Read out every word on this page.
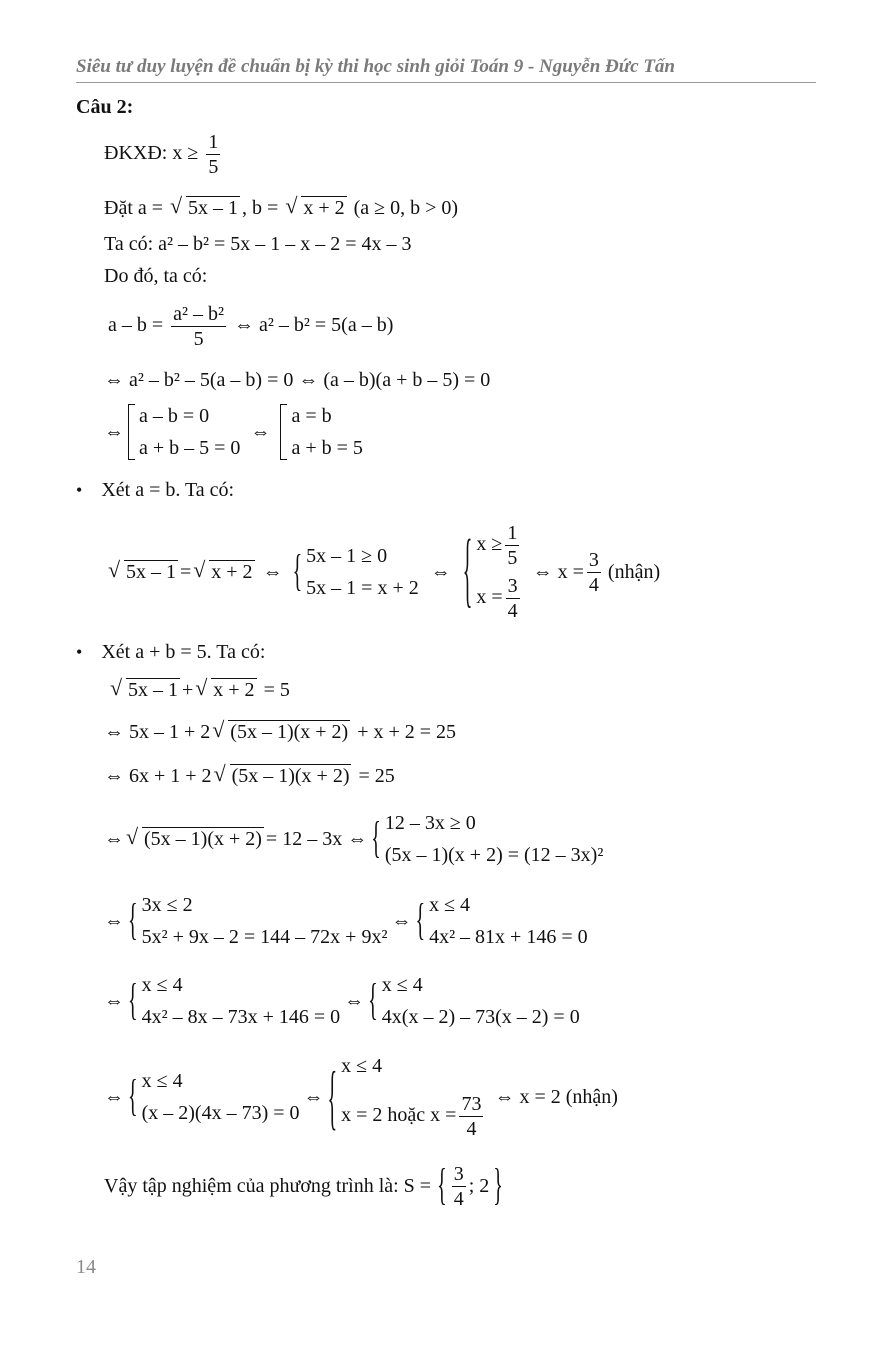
Siêu tư duy luyện đề chuẩn bị kỳ thi học sinh giỏi Toán 9 - Nguyễn Đức Tấn
Câu 2:
ĐKXĐ: $x \ge \frac{1}{5}$
Đặt a = √ 5x – 1 , b = √ x + 2 (a ≥ 0, b > 0)
Ta có: a² – b² = 5x – 1 – x – 2 = 4x – 3
Do đó, ta có:
$a - b = \frac{\text{a² – b²}}{5}$ ⇔ a² – b² = 5(a – b)
⇔ a² – b² – 5(a – b) = 0 ⇔ (a – b)(a + b – 5) = 0
⇔
a – b = 0
a + b – 5 = 0
⇔
a = b
a + b = 5
• Xét a = b. Ta có:
√ 5x – 1 =	√ x + 2 ⇔ { 5x – 1 ≥ 0
5x – 1 = x + 2
⇔ { $x \ge \frac{1}{5}$
$x = \frac{3}{4}$
⇔ $x = \frac{3}{4}$ (nhận)
• Xét a + b = 5. Ta có:
√ 5x – 1 + √ x + 2 = 5
⇔ 5x – 1 + 2 √ (5x – 1)(x + 2) + x + 2 = 25
⇔ 6x + 1 + 2 √ (5x – 1)(x + 2) = 25
⇔	√ (5x – 1)(x + 2) = 12 – 3x ⇔ { 12 – 3x ≥ 0
(5x – 1)(x + 2) = (12 – 3x)²
⇔ { 3x ≤ 2
5x² + 9x – 2 = 144 – 72x + 9x²
⇔ { x ≤ 4
4x² – 81x + 146 = 0
⇔ { x ≤ 4
4x² – 8x – 73x + 146 = 0
⇔ { x ≤ 4
4x(x – 2) – 73(x – 2) = 0
⇔ { x ≤ 4
(x – 2)(4x – 73) = 0
⇔ { x ≤ 4
x = 2 hoặc $x = \frac{73}{4}$ ⇔ x = 2 (nhận)
Vậy tập nghiệm của phương trình là: S = { $\frac{3}{4}$ ; 2 }
14
